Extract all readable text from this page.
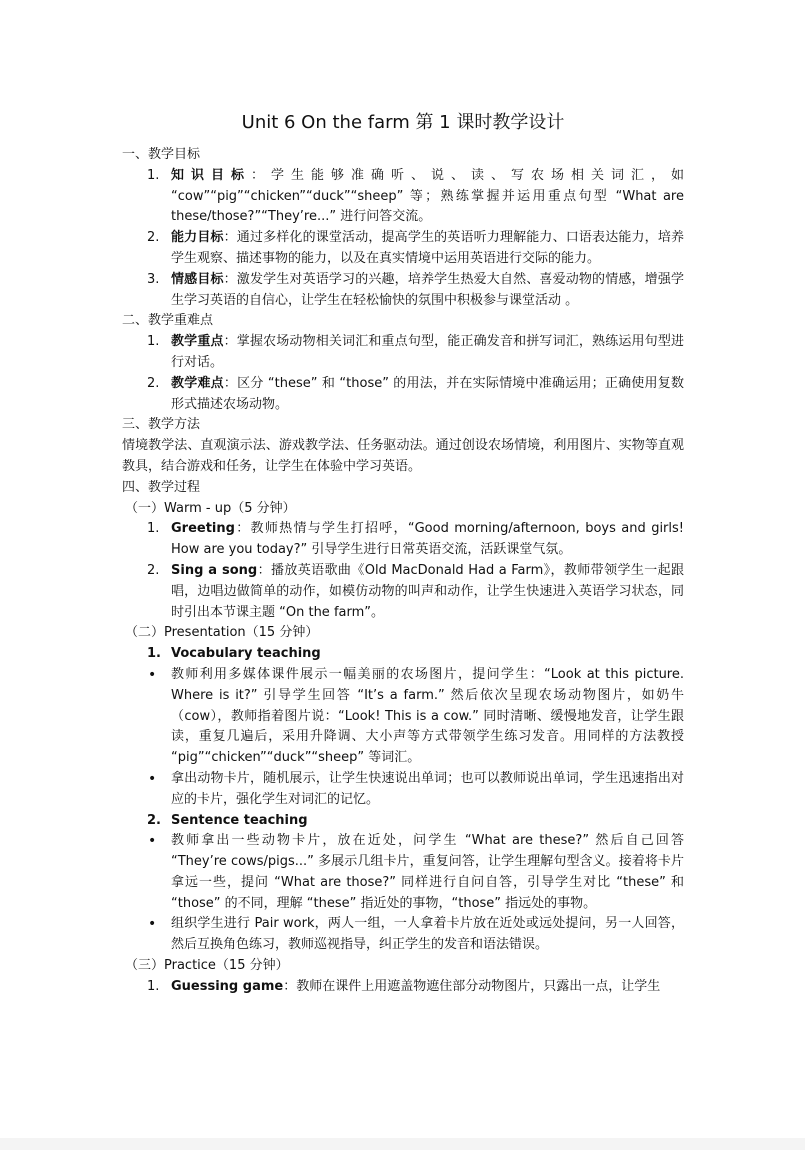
Unit 6 On the farm 第 1 课时教学设计
一、教学目标
1. 知识目标：学生能够准确听、说、读、写农场相关词汇，如 “cow”“pig”“chicken”“duck”“sheep” 等；熟练掌握并运用重点句型 “What are these/those?”“They’re...” 进行问答交流。
2. 能力目标：通过多样化的课堂活动，提高学生的英语听力理解能力、口语表达能力，培养学生观察、描述事物的能力，以及在真实情境中运用英语进行交际的能力。
3. 情感目标：激发学生对英语学习的兴趣，培养学生热爱大自然、喜爱动物的情感，增强学生学习英语的自信心，让学生在轻松愉快的氛围中积极参与课堂活动 。
二、教学重难点
1. 教学重点：掌握农场动物相关词汇和重点句型，能正确发音和拼写词汇，熟练运用句型进行对话。
2. 教学难点：区分 “these” 和 “those” 的用法，并在实际情境中准确运用；正确使用复数形式描述农场动物。
三、教学方法
情境教学法、直观演示法、游戏教学法、任务驱动法。通过创设农场情境，利用图片、实物等直观教具，结合游戏和任务，让学生在体验中学习英语。
四、教学过程
（一）Warm - up（5 分钟）
1. Greeting：教师热情与学生打招呼，“Good morning/afternoon, boys and girls! How are you today?” 引导学生进行日常英语交流，活跃课堂气氛。
2. Sing a song：播放英语歌曲《Old MacDonald Had a Farm》，教师带领学生一起跟唱，边唱边做简单的动作，如模仿动物的叫声和动作，让学生快速进入英语学习状态，同时引出本节课主题 “On the farm”。
（二）Presentation（15 分钟）
1. Vocabulary teaching
• 教师利用多媒体课件展示一幅美丽的农场图片，提问学生：“Look at this picture. Where is it?” 引导学生回答 “It’s a farm.” 然后依次呈现农场动物图片，如奶牛（cow），教师指着图片说：“Look! This is a cow.” 同时清晰、缓慢地发音，让学生跟读，重复几遍后，采用升降调、大小声等方式带领学生练习发音。用同样的方法教授 “pig”“chicken”“duck”“sheep” 等词汇。
• 拿出动物卡片，随机展示，让学生快速说出单词；也可以教师说出单词，学生迅速指出对应的卡片，强化学生对词汇的记忆。
2. Sentence teaching
• 教师拿出一些动物卡片，放在近处，问学生 “What are these?” 然后自己回答 “They’re cows/pigs...” 多展示几组卡片，重复问答，让学生理解句型含义。接着将卡片拿远一些，提问 “What are those?” 同样进行自问自答，引导学生对比 “these” 和 “those” 的不同，理解 “these” 指近处的事物，“those” 指远处的事物。
• 组织学生进行 Pair work，两人一组，一人拿着卡片放在近处或远处提问，另一人回答，然后互换角色练习，教师巡视指导，纠正学生的发音和语法错误。
（三）Practice（15 分钟）
1. Guessing game：教师在课件上用遮盖物遮住部分动物图片，只露出一点，让学生
